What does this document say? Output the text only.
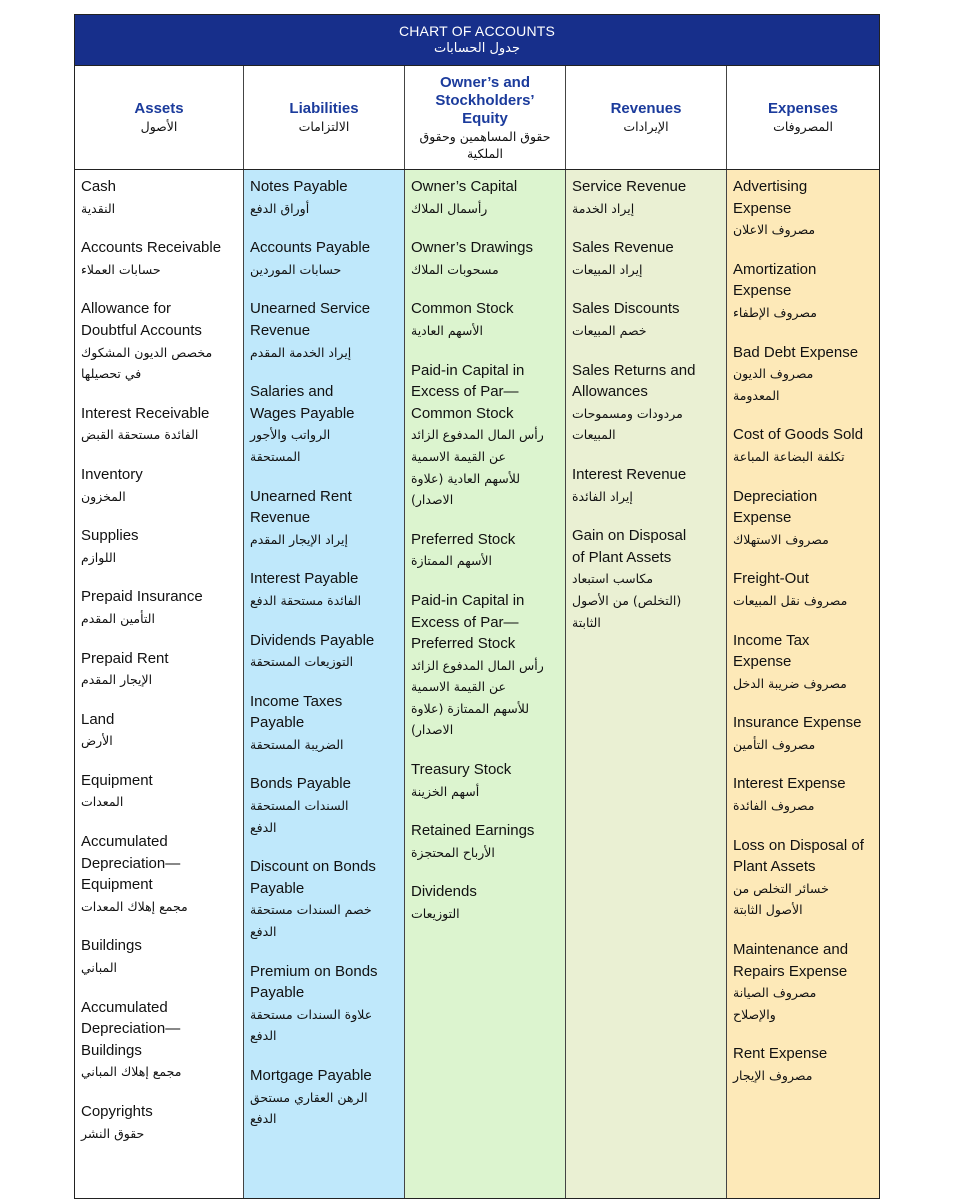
CHART OF ACCOUNTS
جدول الحسابات
Assets
الأصول
Liabilities
الالتزامات
Owner’s and
Stockholders’
Equity
حقوق المساهمين وحقوق
الملكية
Revenues
الإيرادات
Expenses
المصروفات
Cash
النقدية
Accounts Receivable
حسابات العملاء
Allowance for
Doubtful Accounts
مخصص الديون المشكوك
في تحصيلها
Interest Receivable
الفائدة مستحقة القبض
Inventory
المخزون
Supplies
اللوازم
Prepaid Insurance
التأمين المقدم
Prepaid Rent
الإيجار المقدم
Land
الأرض
Equipment
المعدات
Accumulated
Depreciation—
Equipment
مجمع إهلاك المعدات
Buildings
المباني
Accumulated
Depreciation—
Buildings
مجمع إهلاك المباني
Copyrights
حقوق النشر
Notes Payable
أوراق الدفع
Accounts Payable
حسابات الموردين
Unearned Service
Revenue
إيراد الخدمة المقدم
Salaries and
Wages Payable
الرواتب والأجور
المستحقة
Unearned Rent
Revenue
إيراد الإيجار المقدم
Interest Payable
الفائدة مستحقة الدفع
Dividends Payable
التوزيعات المستحقة
Income Taxes
Payable
الضريبة المستحقة
Bonds Payable
السندات المستحقة
الدفع
Discount on Bonds
Payable
خصم السندات مستحقة
الدفع
Premium on Bonds
Payable
علاوة السندات مستحقة
الدفع
Mortgage Payable
الرهن العقاري مستحق
الدفع
Owner’s Capital
رأسمال الملاك
Owner’s Drawings
مسحوبات الملاك
Common Stock
الأسهم العادية
Paid-in Capital in
Excess of Par—
Common Stock
رأس المال المدفوع الزائد
عن القيمة الاسمية
للأسهم العادية (علاوة
الاصدار)
Preferred Stock
الأسهم الممتازة
Paid-in Capital in
Excess of Par—
Preferred Stock
رأس المال المدفوع الزائد
عن القيمة الاسمية
للأسهم الممتازة (علاوة
الاصدار)
Treasury Stock
أسهم الخزينة
Retained Earnings
الأرباح المحتجزة
Dividends
التوزيعات
Service Revenue
إيراد الخدمة
Sales Revenue
إيراد المبيعات
Sales Discounts
خصم المبيعات
Sales Returns and
Allowances
مردودات ومسموحات
المبيعات
Interest Revenue
إيراد الفائدة
Gain on Disposal
of Plant Assets
مكاسب استبعاد
(التخلص) من الأصول
الثابتة
Advertising
Expense
مصروف الاعلان
Amortization
Expense
مصروف الإطفاء
Bad Debt Expense
مصروف الديون
المعدومة
Cost of Goods Sold
تكلفة البضاعة المباعة
Depreciation
Expense
مصروف الاستهلاك
Freight-Out
مصروف نقل المبيعات
Income Tax
Expense
مصروف ضريبة الدخل
Insurance Expense
مصروف التأمين
Interest Expense
مصروف الفائدة
Loss on Disposal of
Plant Assets
خسائر التخلص من
الأصول الثابتة
Maintenance and
Repairs Expense
مصروف الصيانة
والإصلاح
Rent Expense
مصروف الإيجار
